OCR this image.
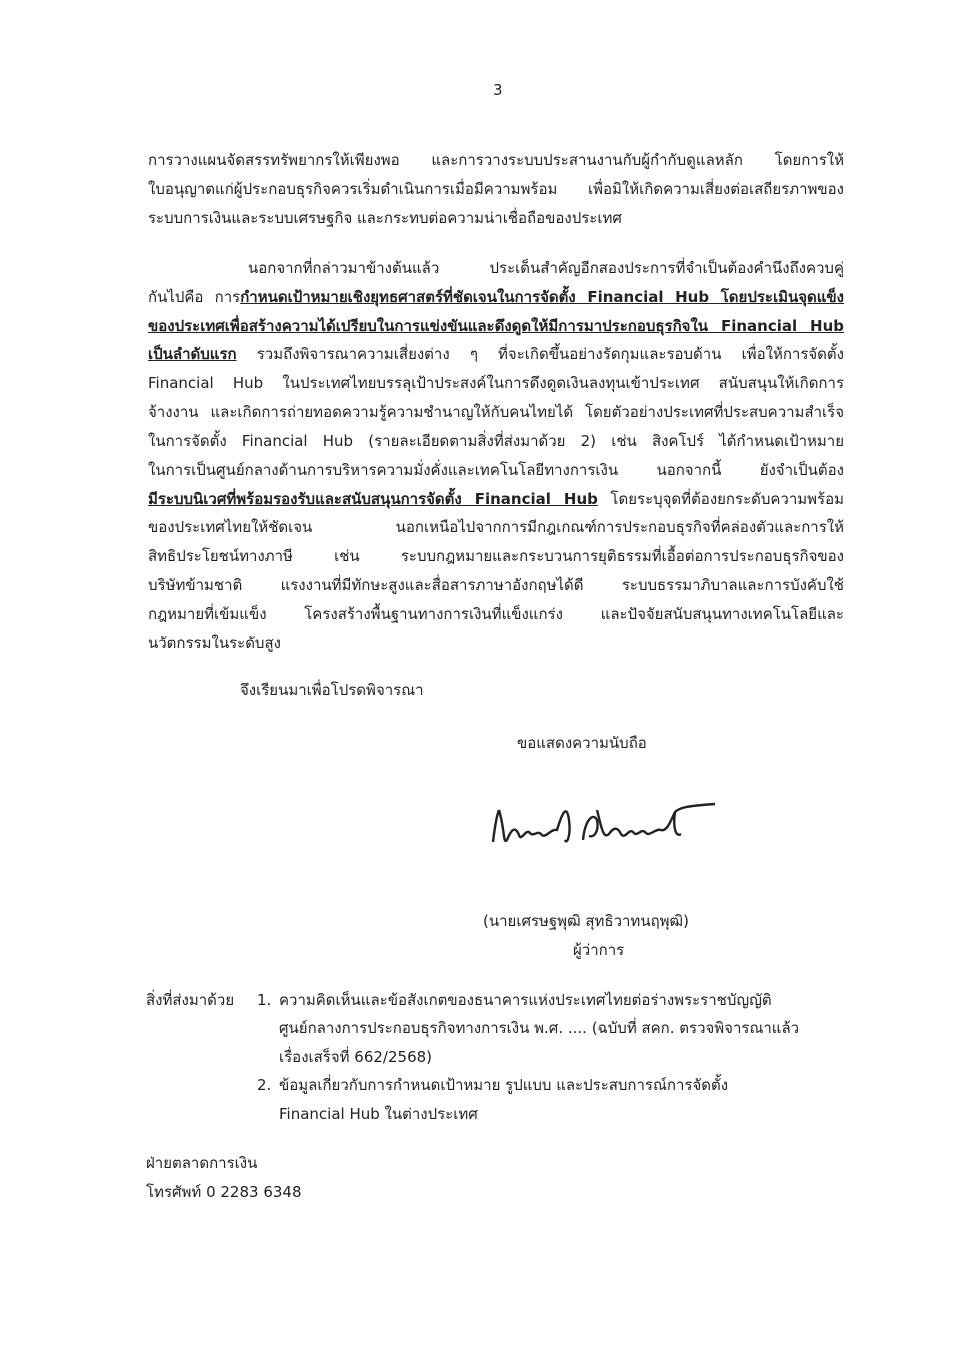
3
การวางแผนจัดสรรทรัพยากรให้เพียงพอ และการวางระบบประสานงานกับผู้กำกับดูแลหลัก โดยการให้
ใบอนุญาตแก่ผู้ประกอบธุรกิจควรเริ่มดำเนินการเมื่อมีความพร้อม เพื่อมิให้เกิดความเสี่ยงต่อเสถียรภาพของ
ระบบการเงินและระบบเศรษฐกิจ และกระทบต่อความน่าเชื่อถือของประเทศ
นอกจากที่กล่าวมาข้างต้นแล้ว ประเด็นสำคัญอีกสองประการที่จำเป็นต้องคำนึงถึงควบคู่
กันไปคือ การกำหนดเป้าหมายเชิงยุทธศาสตร์ที่ชัดเจนในการจัดตั้ง Financial Hub โดยประเมินจุดแข็ง
ของประเทศเพื่อสร้างความได้เปรียบในการแข่งขันและดึงดูดให้มีการมาประกอบธุรกิจใน Financial Hub
เป็นลำดับแรก รวมถึงพิจารณาความเสี่ยงต่าง ๆ ที่จะเกิดขึ้นอย่างรัดกุมและรอบด้าน เพื่อให้การจัดตั้ง
Financial Hub ในประเทศไทยบรรลุเป้าประสงค์ในการดึงดูดเงินลงทุนเข้าประเทศ สนับสนุนให้เกิดการ
จ้างงาน และเกิดการถ่ายทอดความรู้ความชำนาญให้กับคนไทยได้ โดยตัวอย่างประเทศที่ประสบความสำเร็จ
ในการจัดตั้ง Financial Hub (รายละเอียดตามสิ่งที่ส่งมาด้วย 2) เช่น สิงคโปร์ ได้กำหนดเป้าหมาย
ในการเป็นศูนย์กลางด้านการบริหารความมั่งคั่งและเทคโนโลยีทางการเงิน นอกจากนี้ ยังจำเป็นต้อง
มีระบบนิเวศที่พร้อมรองรับและสนับสนุนการจัดตั้ง Financial Hub โดยระบุจุดที่ต้องยกระดับความพร้อม
ของประเทศไทยให้ชัดเจน นอกเหนือไปจากการมีกฎเกณฑ์การประกอบธุรกิจที่คล่องตัวและการให้
สิทธิประโยชน์ทางภาษี เช่น ระบบกฎหมายและกระบวนการยุติธรรมที่เอื้อต่อการประกอบธุรกิจของ
บริษัทข้ามชาติ แรงงานที่มีทักษะสูงและสื่อสารภาษาอังกฤษได้ดี ระบบธรรมาภิบาลและการบังคับใช้
กฎหมายที่เข้มแข็ง โครงสร้างพื้นฐานทางการเงินที่แข็งแกร่ง และปัจจัยสนับสนุนทางเทคโนโลยีและ
นวัตกรรมในระดับสูง
จึงเรียนมาเพื่อโปรดพิจารณา
ขอแสดงความนับถือ
(นายเศรษฐพุฒิ สุทธิวาทนฤพุฒิ)
ผู้ว่าการ
สิ่งที่ส่งมาด้วย 1. ความคิดเห็นและข้อสังเกตของธนาคารแห่งประเทศไทยต่อร่างพระราชบัญญัติ
ศูนย์กลางการประกอบธุรกิจทางการเงิน พ.ศ. .... (ฉบับที่ สคก. ตรวจพิจารณาแล้ว
เรื่องเสร็จที่ 662/2568)
2. ข้อมูลเกี่ยวกับการกำหนดเป้าหมาย รูปแบบ และประสบการณ์การจัดตั้ง
Financial Hub ในต่างประเทศ
ฝ่ายตลาดการเงิน
โทรศัพท์ 0 2283 6348
